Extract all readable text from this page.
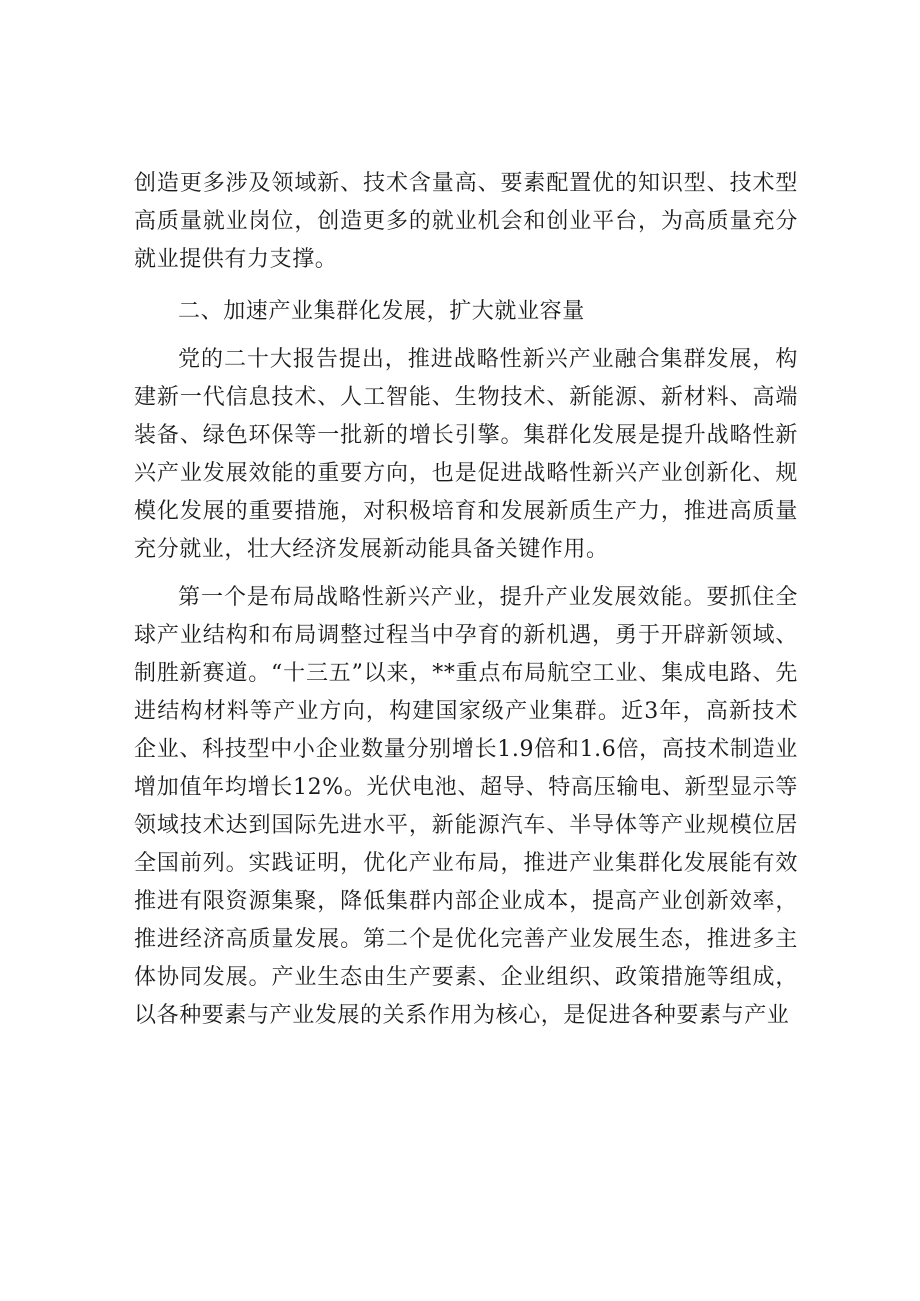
创造更多涉及领域新、技术含量高、要素配置优的知识型、技术型高质量就业岗位，创造更多的就业机会和创业平台，为高质量充分就业提供有力支撑。

二、加速产业集群化发展，扩大就业容量

党的二十大报告提出，推进战略性新兴产业融合集群发展，构建新一代信息技术、人工智能、生物技术、新能源、新材料、高端装备、绿色环保等一批新的增长引擎。集群化发展是提升战略性新兴产业发展效能的重要方向，也是促进战略性新兴产业创新化、规模化发展的重要措施，对积极培育和发展新质生产力，推进高质量充分就业，壮大经济发展新动能具备关键作用。

第一个是布局战略性新兴产业，提升产业发展效能。要抓住全球产业结构和布局调整过程当中孕育的新机遇，勇于开辟新领域、制胜新赛道。“十三五”以来，**重点布局航空工业、集成电路、先进结构材料等产业方向，构建国家级产业集群。近3年，高新技术企业、科技型中小企业数量分别增长1.9倍和1.6倍，高技术制造业增加值年均增长12%。光伏电池、超导、特高压输电、新型显示等领域技术达到国际先进水平，新能源汽车、半导体等产业规模位居全国前列。实践证明，优化产业布局，推进产业集群化发展能有效推进有限资源集聚，降低集群内部企业成本，提高产业创新效率，推进经济高质量发展。第二个是优化完善产业发展生态，推进多主体协同发展。产业生态由生产要素、企业组织、政策措施等组成，以各种要素与产业发展的关系作用为核心，是促进各种要素与产业
